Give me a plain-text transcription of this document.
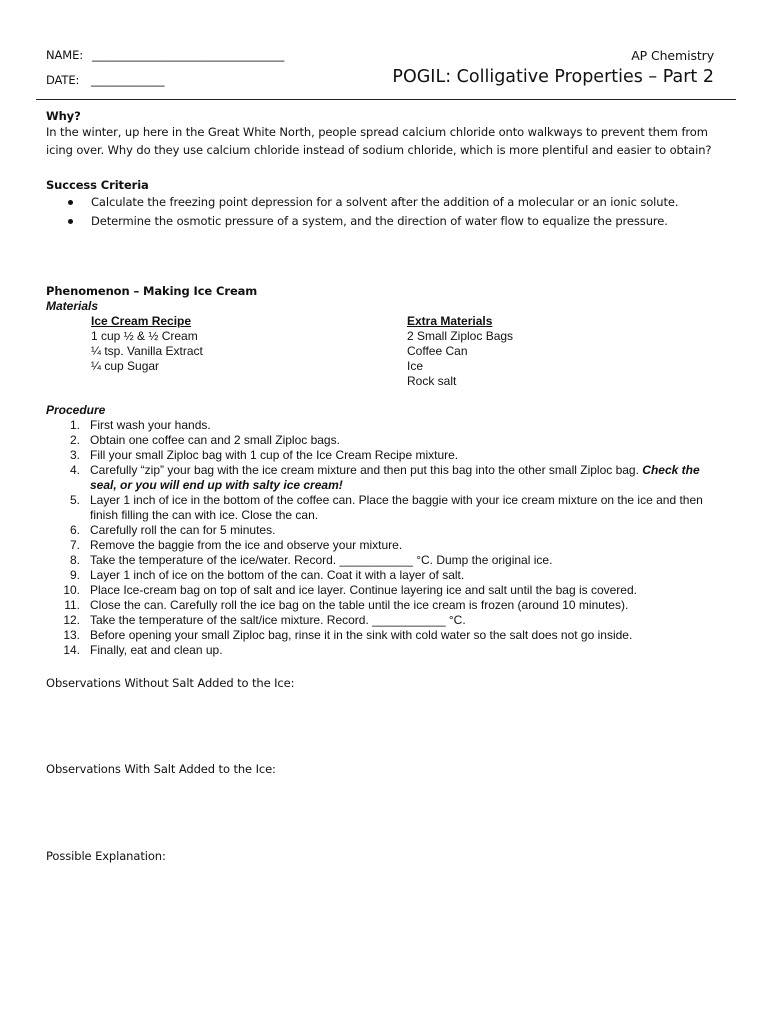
NAME: __________________________________
DATE: _____________
AP Chemistry
POGIL: Colligative Properties – Part 2
Why?
In the winter, up here in the Great White North, people spread calcium chloride onto walkways to prevent them from
icing over. Why do they use calcium chloride instead of sodium chloride, which is more plentiful and easier to obtain?
Success Criteria
Calculate the freezing point depression for a solvent after the addition of a molecular or an ionic solute.
Determine the osmotic pressure of a system, and the direction of water flow to equalize the pressure.
Phenomenon – Making Ice Cream
Materials
Ice Cream Recipe
1 cup ½ & ½ Cream
¼ tsp. Vanilla Extract
¼ cup Sugar
Extra Materials
2 Small Ziploc Bags
Coffee Can
Ice
Rock salt
Procedure
1. First wash your hands.
2. Obtain one coffee can and 2 small Ziploc bags.
3. Fill your small Ziploc bag with 1 cup of the Ice Cream Recipe mixture.
4. Carefully “zip” your bag with the ice cream mixture and then put this bag into the other small Ziploc bag. Check the seal, or you will end up with salty ice cream!
5. Layer 1 inch of ice in the bottom of the coffee can. Place the baggie with your ice cream mixture on the ice and then finish filling the can with ice. Close the can.
6. Carefully roll the can for 5 minutes.
7. Remove the baggie from the ice and observe your mixture.
8. Take the temperature of the ice/water. Record. ___________ °C. Dump the original ice.
9. Layer 1 inch of ice on the bottom of the can. Coat it with a layer of salt.
10. Place Ice-cream bag on top of salt and ice layer. Continue layering ice and salt until the bag is covered.
11. Close the can. Carefully roll the ice bag on the table until the ice cream is frozen (around 10 minutes).
12. Take the temperature of the salt/ice mixture. Record. ___________ °C.
13. Before opening your small Ziploc bag, rinse it in the sink with cold water so the salt does not go inside.
14. Finally, eat and clean up.
Observations Without Salt Added to the Ice:
Observations With Salt Added to the Ice:
Possible Explanation:
